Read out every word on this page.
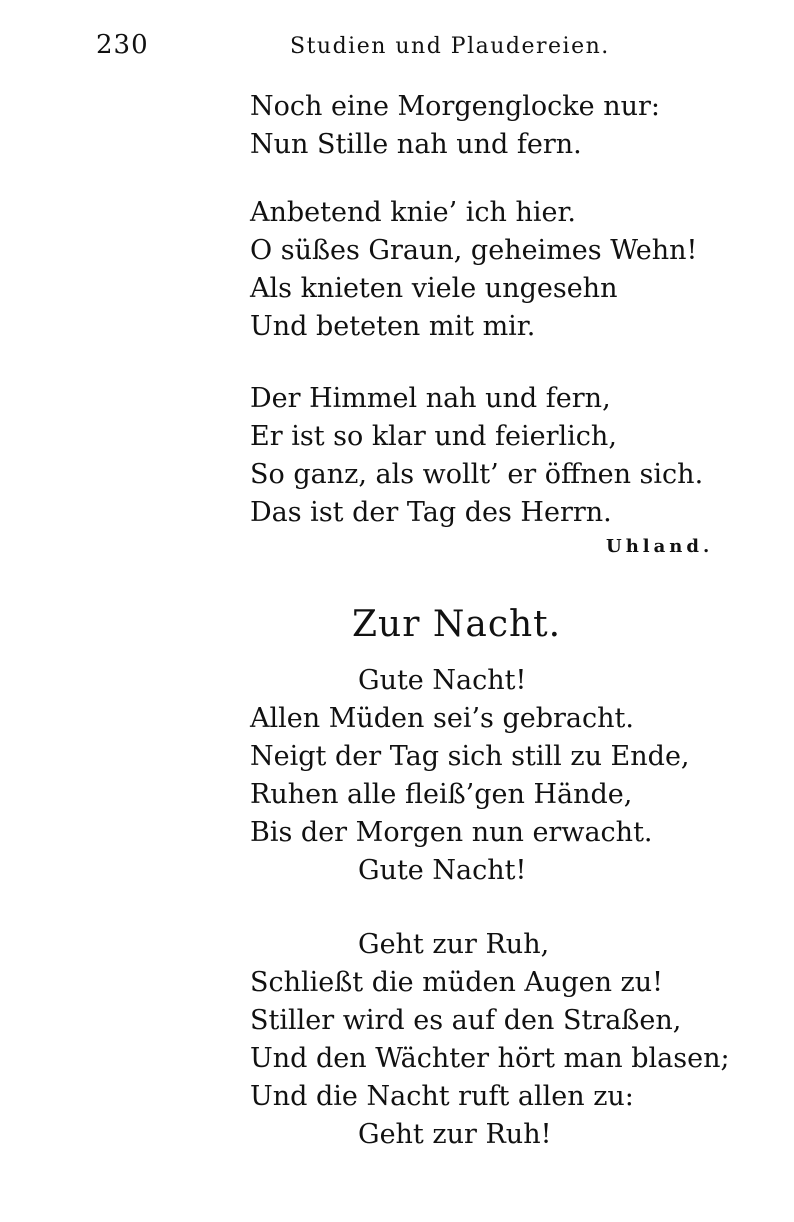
230	Studien und Plaudereien.
Noch eine Morgenglocke nur:
Nun Stille nah und fern.
Anbetend knie’ ich hier.
O süßes Graun, geheimes Wehn!
Als knieten viele ungesehn
Und beteten mit mir.
Der Himmel nah und fern,
Er ist so klar und feierlich,
So ganz, als wollt’ er öffnen sich.
Das ist der Tag des Herrn.
Uhland.
Zur Nacht.
Gute Nacht!
Allen Müden sei’s gebracht.
Neigt der Tag sich still zu Ende,
Ruhen alle fleiß’gen Hände,
Bis der Morgen nun erwacht.
Gute Nacht!
Geht zur Ruh,
Schließt die müden Augen zu!
Stiller wird es auf den Straßen,
Und den Wächter hört man blasen;
Und die Nacht ruft allen zu:
Geht zur Ruh!
